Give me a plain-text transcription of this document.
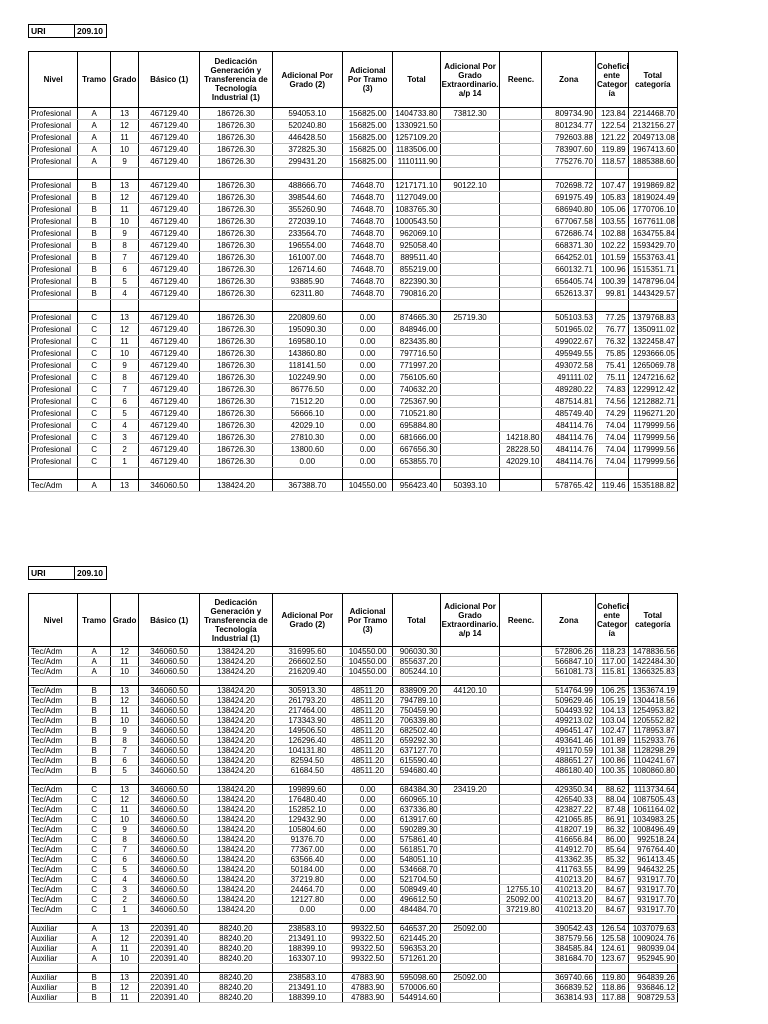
URI	209.10
Nivel	Tramo	Grado	Básico (1)	Dedicación Generación y Transferencia de Tecnología Industrial (1)	Adicional Por Grado (2)	Adicional Por Tramo (3)	Total	Adicional Por Grado Extraordinario. a/p 14	Reenc.	Zona	Cohefici ente Categor ía	Total categoría
Profesional	A	13	467129.40	186726.30	594053.10	156825.00	1404733.80	73812.30		809734.90	123.84	2214468.70
Profesional	A	12	467129.40	186726.30	520240.80	156825.00	1330921.50			801234.77	122.54	2132156.27
Profesional	A	11	467129.40	186726.30	446428.50	156825.00	1257109.20			792603.88	121.22	2049713.08
Profesional	A	10	467129.40	186726.30	372825.30	156825.00	1183506.00			783907.60	119.89	1967413.60
Profesional	A	9	467129.40	186726.30	299431.20	156825.00	1110111.90			775276.70	118.57	1885388.60

Profesional	B	13	467129.40	186726.30	488666.70	74648.70	1217171.10	90122.10		702698.72	107.47	1919869.82
Profesional	B	12	467129.40	186726.30	398544.60	74648.70	1127049.00			691975.49	105.83	1819024.49
Profesional	B	11	467129.40	186726.30	355260.90	74648.70	1083765.30			686940.80	105.06	1770706.10
Profesional	B	10	467129.40	186726.30	272039.10	74648.70	1000543.50			677067.58	103.55	1677611.08
Profesional	B	9	467129.40	186726.30	233564.70	74648.70	962069.10			672686.74	102.88	1634755.84
Profesional	B	8	467129.40	186726.30	196554.00	74648.70	925058.40			668371.30	102.22	1593429.70
Profesional	B	7	467129.40	186726.30	161007.00	74648.70	889511.40			664252.01	101.59	1553763.41
Profesional	B	6	467129.40	186726.30	126714.60	74648.70	855219.00			660132.71	100.96	1515351.71
Profesional	B	5	467129.40	186726.30	93885.90	74648.70	822390.30			656405.74	100.39	1478796.04
Profesional	B	4	467129.40	186726.30	62311.80	74648.70	790816.20			652613.37	99.81	1443429.57

Profesional	C	13	467129.40	186726.30	220809.60	0.00	874665.30	25719.30		505103.53	77.25	1379768.83
Profesional	C	12	467129.40	186726.30	195090.30	0.00	848946.00			501965.02	76.77	1350911.02
Profesional	C	11	467129.40	186726.30	169580.10	0.00	823435.80			499022.67	76.32	1322458.47
Profesional	C	10	467129.40	186726.30	143860.80	0.00	797716.50			495949.55	75.85	1293666.05
Profesional	C	9	467129.40	186726.30	118141.50	0.00	771997.20			493072.58	75.41	1265069.78
Profesional	C	8	467129.40	186726.30	102249.90	0.00	756105.60			491111.02	75.11	1247216.62
Profesional	C	7	467129.40	186726.30	86776.50	0.00	740632.20			489280.22	74.83	1229912.42
Profesional	C	6	467129.40	186726.30	71512.20	0.00	725367.90			487514.81	74.56	1212882.71
Profesional	C	5	467129.40	186726.30	56666.10	0.00	710521.80			485749.40	74.29	1196271.20
Profesional	C	4	467129.40	186726.30	42029.10	0.00	695884.80			484114.76	74.04	1179999.56
Profesional	C	3	467129.40	186726.30	27810.30	0.00	681666.00		14218.80	484114.76	74.04	1179999.56
Profesional	C	2	467129.40	186726.30	13800.60	0.00	667656.30		28228.50	484114.76	74.04	1179999.56
Profesional	C	1	467129.40	186726.30	0.00	0.00	653855.70		42029.10	484114.76	74.04	1179999.56

Tec/Adm	A	13	346060.50	138424.20	367388.70	104550.00	956423.40	50393.10		578765.42	119.46	1535188.82
URI	209.10
Nivel	Tramo	Grado	Básico (1)	Dedicación Generación y Transferencia de Tecnología Industrial (1)	Adicional Por Grado (2)	Adicional Por Tramo (3)	Total	Adicional Por Grado Extraordinario. a/p 14	Reenc.	Zona	Cohefici ente Categor ía	Total categoría
Tec/Adm	A	12	346060.50	138424.20	316995.60	104550.00	906030.30			572806.26	118.23	1478836.56
Tec/Adm	A	11	346060.50	138424.20	266602.50	104550.00	855637.20			566847.10	117.00	1422484.30
Tec/Adm	A	10	346060.50	138424.20	216209.40	104550.00	805244.10			561081.73	115.81	1366325.83

Tec/Adm	B	13	346060.50	138424.20	305913.30	48511.20	838909.20	44120.10		514764.99	106.25	1353674.19
Tec/Adm	B	12	346060.50	138424.20	261793.20	48511.20	794789.10			509629.46	105.19	1304418.56
Tec/Adm	B	11	346060.50	138424.20	217464.00	48511.20	750459.90			504493.92	104.13	1254953.82
Tec/Adm	B	10	346060.50	138424.20	173343.90	48511.20	706339.80			499213.02	103.04	1205552.82
Tec/Adm	B	9	346060.50	138424.20	149506.50	48511.20	682502.40			496451.47	102.47	1178953.87
Tec/Adm	B	8	346060.50	138424.20	126296.40	48511.20	659292.30			493641.46	101.89	1152933.76
Tec/Adm	B	7	346060.50	138424.20	104131.80	48511.20	637127.70			491170.59	101.38	1128298.29
Tec/Adm	B	6	346060.50	138424.20	82594.50	48511.20	615590.40			488651.27	100.86	1104241.67
Tec/Adm	B	5	346060.50	138424.20	61684.50	48511.20	594680.40			486180.40	100.35	1080860.80

Tec/Adm	C	13	346060.50	138424.20	199899.60	0.00	684384.30	23419.20		429350.34	88.62	1113734.64
Tec/Adm	C	12	346060.50	138424.20	176480.40	0.00	660965.10			426540.33	88.04	1087505.43
Tec/Adm	C	11	346060.50	138424.20	152852.10	0.00	637336.80			423827.22	87.48	1061164.02
Tec/Adm	C	10	346060.50	138424.20	129432.90	0.00	613917.60			421065.85	86.91	1034983.25
Tec/Adm	C	9	346060.50	138424.20	105804.60	0.00	590289.30			418207.19	86.32	1008496.49
Tec/Adm	C	8	346060.50	138424.20	91376.70	0.00	575861.40			416656.84	86.00	992518.24
Tec/Adm	C	7	346060.50	138424.20	77367.00	0.00	561851.70			414912.70	85.64	976764.40
Tec/Adm	C	6	346060.50	138424.20	63566.40	0.00	548051.10			413362.35	85.32	961413.45
Tec/Adm	C	5	346060.50	138424.20	50184.00	0.00	534668.70			411763.55	84.99	946432.25
Tec/Adm	C	4	346060.50	138424.20	37219.80	0.00	521704.50			410213.20	84.67	931917.70
Tec/Adm	C	3	346060.50	138424.20	24464.70	0.00	508949.40		12755.10	410213.20	84.67	931917.70
Tec/Adm	C	2	346060.50	138424.20	12127.80	0.00	496612.50		25092.00	410213.20	84.67	931917.70
Tec/Adm	C	1	346060.50	138424.20	0.00	0.00	484484.70		37219.80	410213.20	84.67	931917.70

Auxiliar	A	13	220391.40	88240.20	238583.10	99322.50	646537.20	25092.00		390542.43	126.54	1037079.63
Auxiliar	A	12	220391.40	88240.20	213491.10	99322.50	621445.20			387579.56	125.58	1009024.76
Auxiliar	A	11	220391.40	88240.20	188399.10	99322.50	596353.20			384585.84	124.61	980939.04
Auxiliar	A	10	220391.40	88240.20	163307.10	99322.50	571261.20			381684.70	123.67	952945.90

Auxiliar	B	13	220391.40	88240.20	238583.10	47883.90	595098.60	25092.00		369740.66	119.80	964839.26
Auxiliar	B	12	220391.40	88240.20	213491.10	47883.90	570006.60			366839.52	118.86	936846.12
Auxiliar	B	11	220391.40	88240.20	188399.10	47883.90	544914.60			363814.93	117.88	908729.53
